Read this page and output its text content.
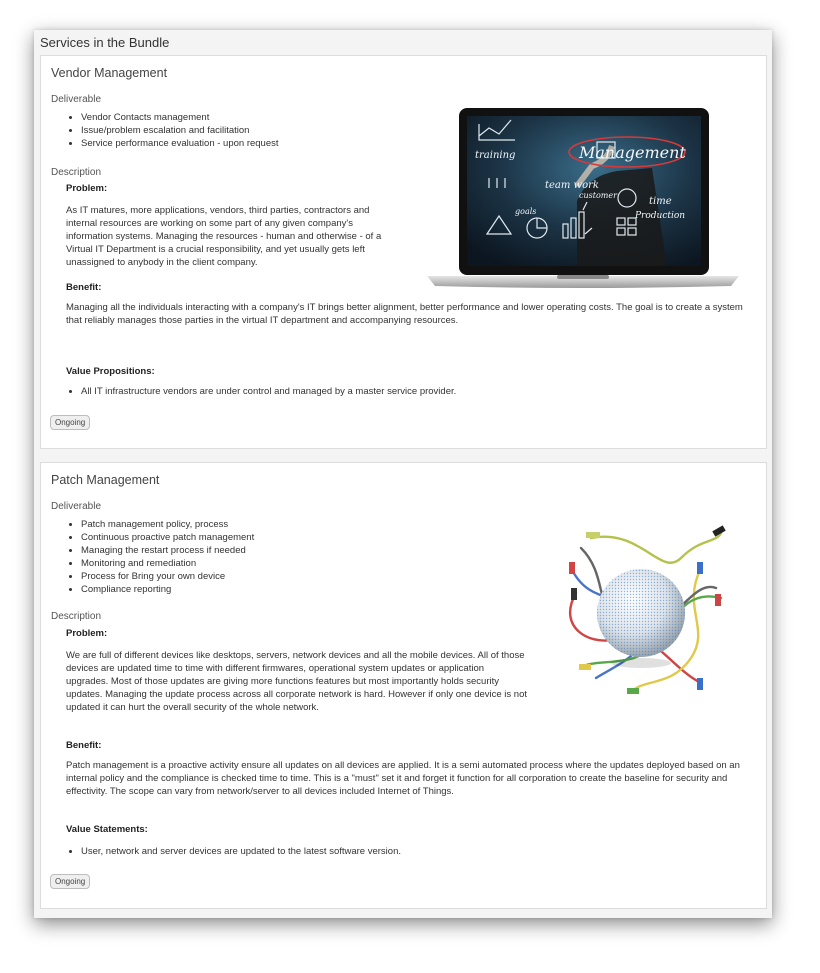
Services in the Bundle
Vendor Management
Deliverable
• Vendor Contacts management
• Issue/problem escalation and facilitation
• Service performance evaluation - upon request
Description
Problem:

As IT matures, more applications, vendors, third parties, contractors and internal resources are working on some part of any given company's information systems. Managing the resources - human and otherwise - of a Virtual IT Department is a crucial responsibility, and yet usually gets left unassigned to anybody in the client company.

Benefit:

Managing all the individuals interacting with a company's IT brings better alignment, better performance and lower operating costs. The goal is to create a system that reliably manages those parties in the virtual IT department and accompanying resources.

Value Propositions:
• All IT infrastructure vendors are under control and managed by a master service provider.
Ongoing
training
team work
time
goals
customer
Production
Management
Patch Management
Deliverable
• Patch management policy, process
• Continuous proactive patch management
• Managing the restart process if needed
• Monitoring and remediation
• Process for Bring your own device
• Compliance reporting
Description
Problem:

We are full of different devices like desktops, servers, network devices and all the mobile devices. All of those devices are updated time to time with different firmwares, operational system updates or application upgrades. Most of those updates are giving more functions features but most importantly holds security updates. Managing the update process across all corporate network is hard. However if only one device is not updated it can hurt the overall security of the whole network.

Benefit:

Patch management is a proactive activity ensure all updates on all devices are applied. It is a semi automated process where the updates deployed based on an internal policy and the compliance is checked time to time. This is a "must" set it and forget it function for all corporation to create the baseline for security and effectivity. The scope can vary from network/server to all devices included Internet of Things.

Value Statements:
• User, network and server devices are updated to the latest software version.
Ongoing
